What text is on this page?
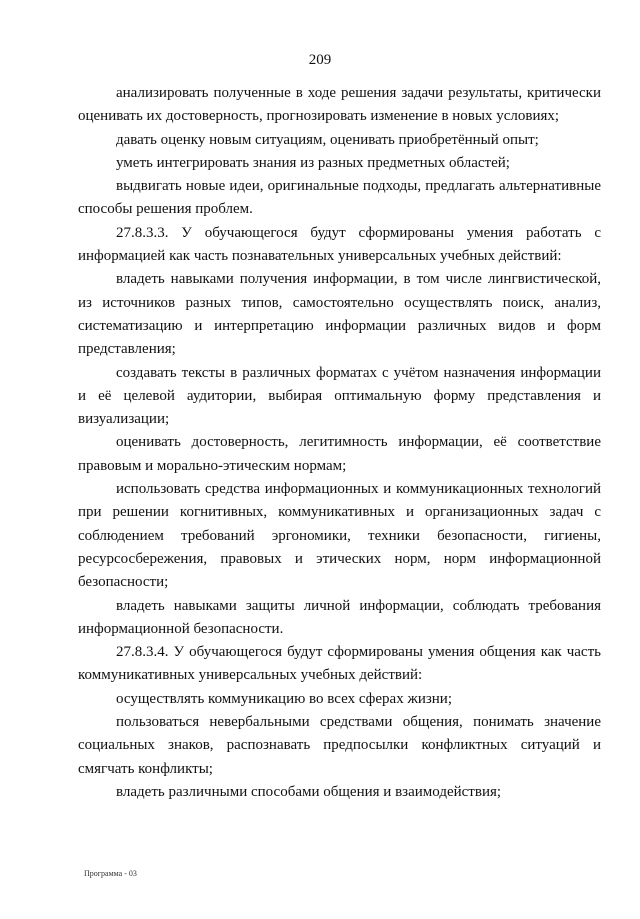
209

анализировать полученные в ходе решения задачи результаты, критически оценивать их достоверность, прогнозировать изменение в новых условиях;

давать оценку новым ситуациям, оценивать приобретённый опыт;

уметь интегрировать знания из разных предметных областей;

выдвигать новые идеи, оригинальные подходы, предлагать альтернативные способы решения проблем.

27.8.3.3. У обучающегося будут сформированы умения работать с информацией как часть познавательных универсальных учебных действий:

владеть навыками получения информации, в том числе лингвистической, из источников разных типов, самостоятельно осуществлять поиск, анализ, систематизацию и интерпретацию информации различных видов и форм представления;

создавать тексты в различных форматах с учётом назначения информации и её целевой аудитории, выбирая оптимальную форму представления и визуализации;

оценивать достоверность, легитимность информации, её соответствие правовым и морально-этическим нормам;

использовать средства информационных и коммуникационных технологий при решении когнитивных, коммуникативных и организационных задач с соблюдением требований эргономики, техники безопасности, гигиены, ресурсосбережения, правовых и этических норм, норм информационной безопасности;

владеть навыками защиты личной информации, соблюдать требования информационной безопасности.

27.8.3.4. У обучающегося будут сформированы умения общения как часть коммуникативных универсальных учебных действий:

осуществлять коммуникацию во всех сферах жизни;

пользоваться невербальными средствами общения, понимать значение социальных знаков, распознавать предпосылки конфликтных ситуаций и смягчать конфликты;

владеть различными способами общения и взаимодействия;

Программа - 03
